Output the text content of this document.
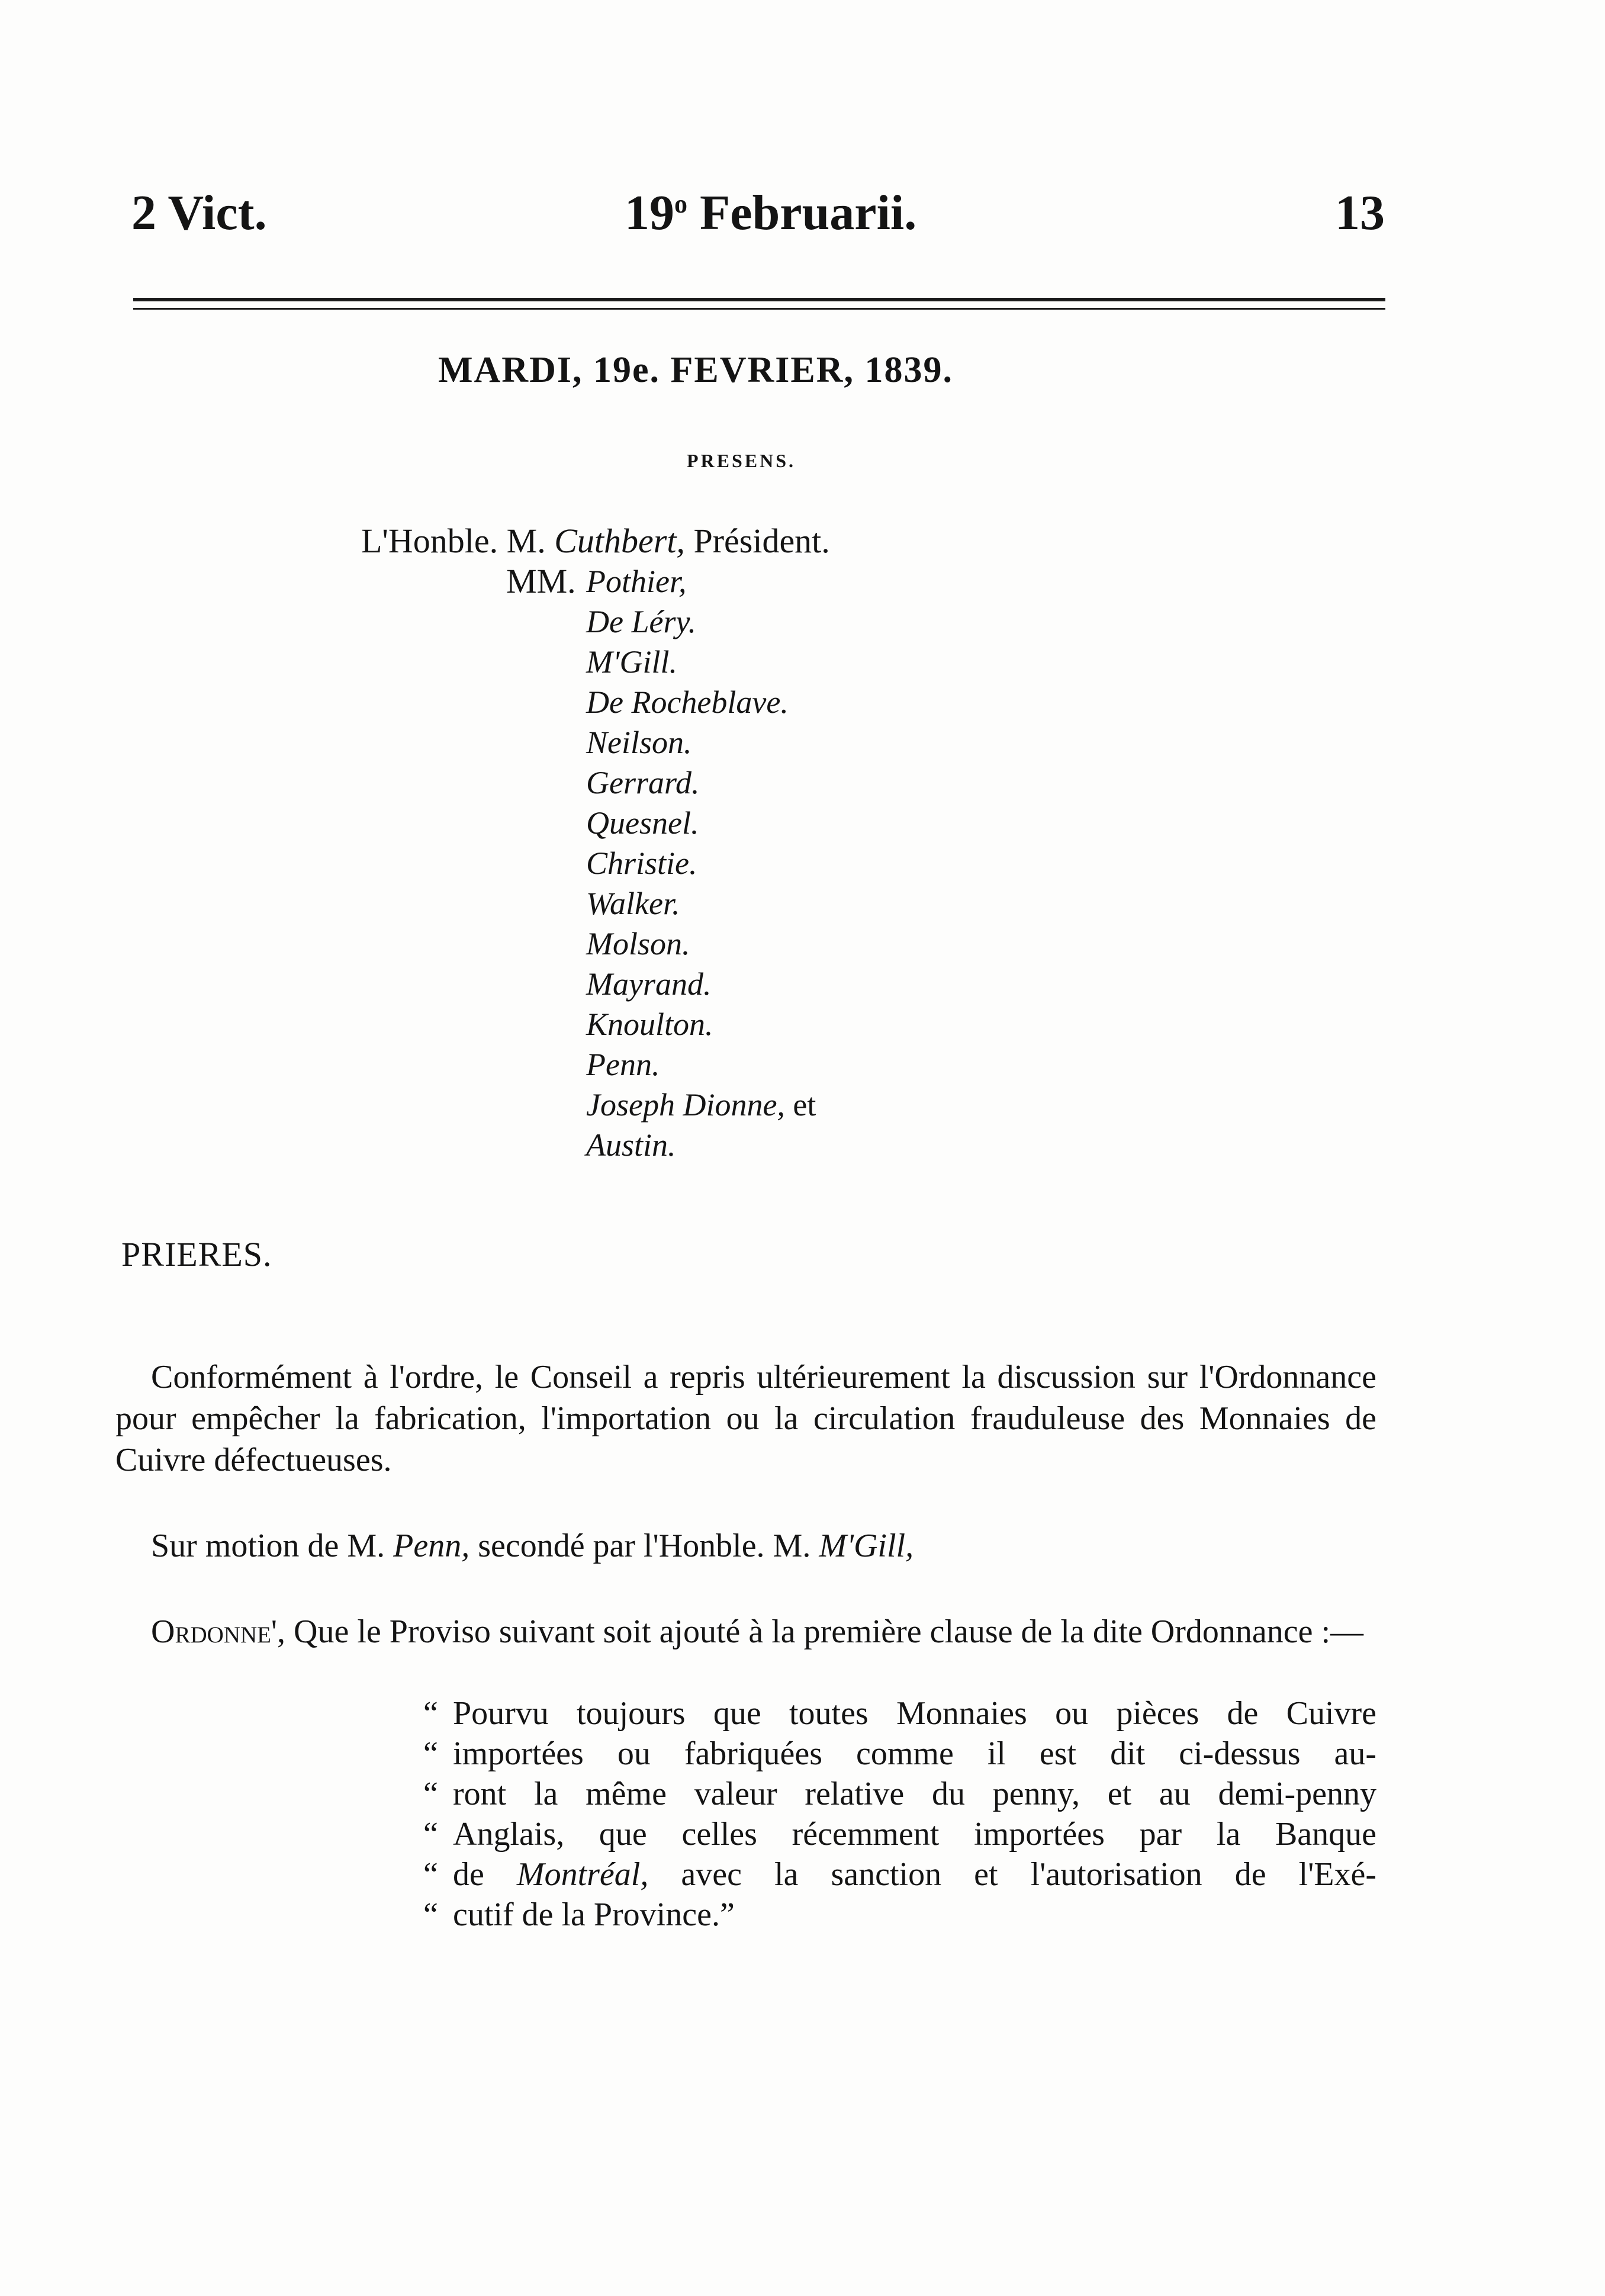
2 Vict.	19$^o$ Februarii.	13
MARDI, 19e. FEVRIER, 1839.
PRESENS.
L'Honble. M. Cuthbert, Président.
MM. Pothier,
De Léry.
M'Gill.
De Rocheblave.
Neilson.
Gerrard.
Quesnel.
Christie.
Walker.
Molson.
Mayrand.
Knoulton.
Penn.
Joseph Dionne, et
Austin.
PRIERES.

Conformément à l'ordre, le Conseil a repris ultérieurement la discussion sur l'Ordonnance pour empêcher la fabrication, l'importation ou la circulation frauduleuse des Monnaies de Cuivre défectueuses.

Sur motion de M. Penn, secondé par l'Honble. M. M'Gill,

Ordonne', Que le Proviso suivant soit ajouté à la première clause de la dite Ordonnance :—

“ Pourvu toujours que toutes Monnaies ou pièces de Cuivre
“ importées ou fabriquées comme il est dit ci-dessus au-
“ ront la même valeur relative du penny, et au demi-penny
“ Anglais, que celles récemment importées par la Banque
“ de Montréal, avec la sanction et l'autorisation de l'Exé-
“ cutif de la Province.”
